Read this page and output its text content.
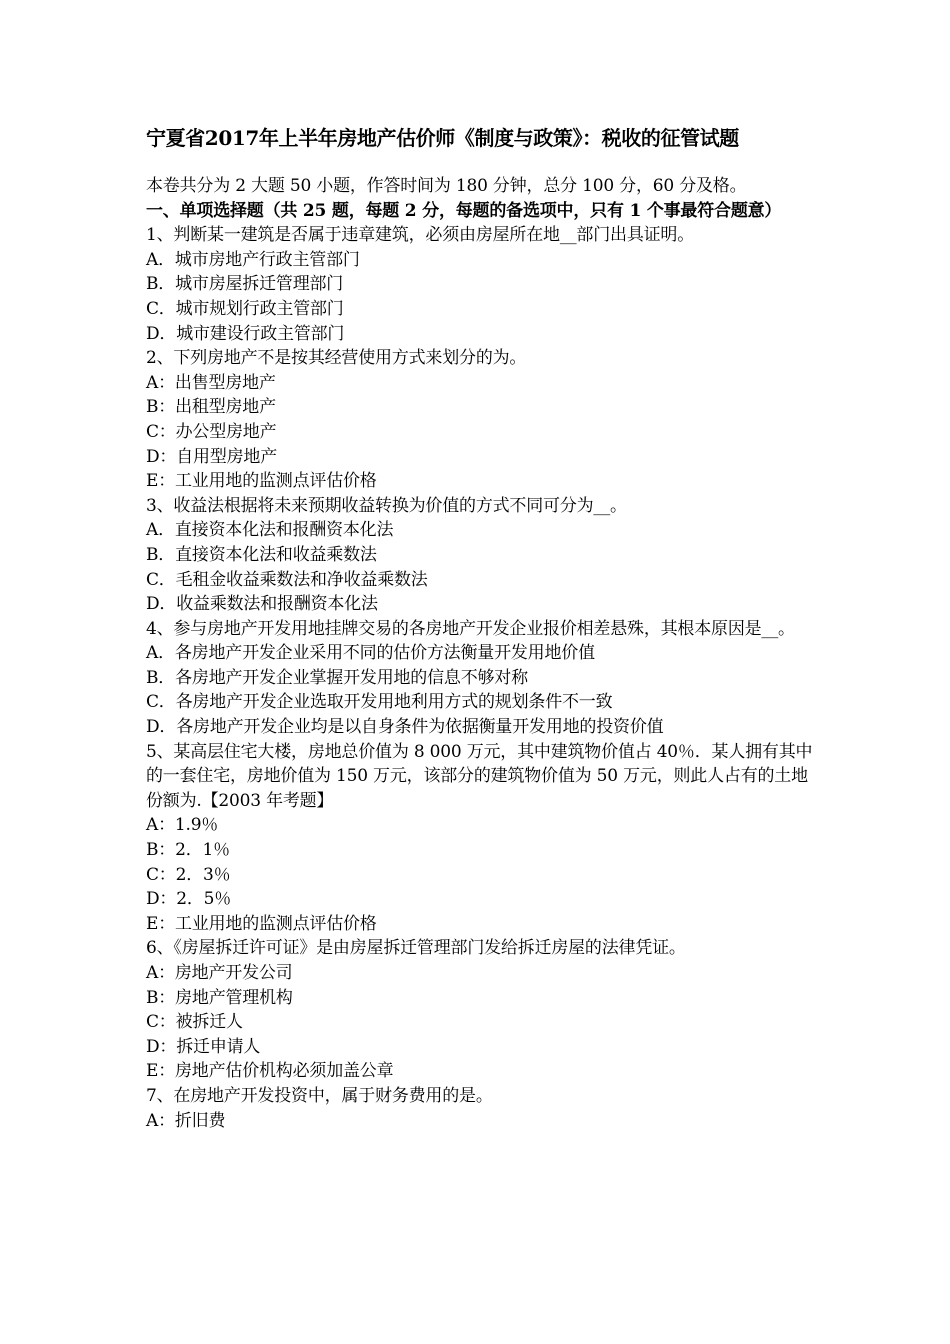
宁夏省2017年上半年房地产估价师《制度与政策》：税收的征管试题
本卷共分为 2 大题 50 小题，作答时间为 180 分钟，总分 100 分，60 分及格。
一、单项选择题（共 25 题，每题 2 分，每题的备选项中，只有 1 个事最符合题意）
1、判断某一建筑是否属于违章建筑，必须由房屋所在地__部门出具证明。
A．城市房地产行政主管部门
B．城市房屋拆迁管理部门
C．城市规划行政主管部门
D．城市建设行政主管部门
2、下列房地产不是按其经营使用方式来划分的为。
A：出售型房地产
B：出租型房地产
C：办公型房地产
D：自用型房地产
E：工业用地的监测点评估价格
3、收益法根据将未来预期收益转换为价值的方式不同可分为__。
A．直接资本化法和报酬资本化法
B．直接资本化法和收益乘数法
C．毛租金收益乘数法和净收益乘数法
D．收益乘数法和报酬资本化法
4、参与房地产开发用地挂牌交易的各房地产开发企业报价相差悬殊，其根本原因是__。
A．各房地产开发企业采用不同的估价方法衡量开发用地价值
B．各房地产开发企业掌握开发用地的信息不够对称
C．各房地产开发企业选取开发用地利用方式的规划条件不一致
D．各房地产开发企业均是以自身条件为依据衡量开发用地的投资价值
5、某高层住宅大楼，房地总价值为 8 000 万元，其中建筑物价值占 40％．某人拥有其中的一套住宅，房地价值为 150 万元，该部分的建筑物价值为 50 万元，则此人占有的土地份额为.【2003 年考题】
A：1.9％
B：2．1％
C：2．3％
D：2．5％
E：工业用地的监测点评估价格
6、《房屋拆迁许可证》是由房屋拆迁管理部门发给拆迁房屋的法律凭证。
A：房地产开发公司
B：房地产管理机构
C：被拆迁人
D：拆迁申请人
E：房地产估价机构必须加盖公章
7、在房地产开发投资中，属于财务费用的是。
A：折旧费
